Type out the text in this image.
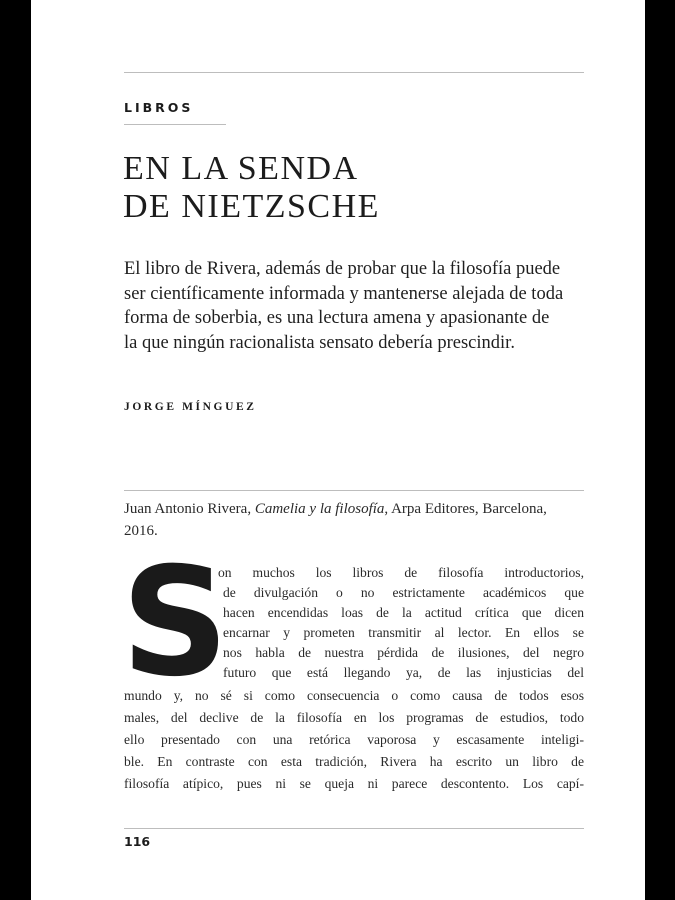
LIBROS
EN LA SENDA
DE NIETZSCHE

El libro de Rivera, además de probar que la filosofía puede ser científicamente informada y mantenerse alejada de toda forma de soberbia, es una lectura amena y apasionante de la que ningún racionalista sensato debería prescindir.

JORGE MÍNGUEZ

Juan Antonio Rivera, Camelia y la filosofía, Arpa Editores, Barcelona, 2016.

S
on muchos los libros de filosofía introductorios,
de divulgación o no estrictamente académicos que
hacen encendidas loas de la actitud crítica que dicen
encarnar y prometen transmitir al lector. En ellos se
nos habla de nuestra pérdida de ilusiones, del negro
futuro que está llegando ya, de las injusticias del
mundo y, no sé si como consecuencia o como causa de todos esos
males, del declive de la filosofía en los programas de estudios, todo
ello presentado con una retórica vaporosa y escasamente inteligi-
ble. En contraste con esta tradición, Rivera ha escrito un libro de
filosofía atípico, pues ni se queja ni parece descontento. Los capí-
116
